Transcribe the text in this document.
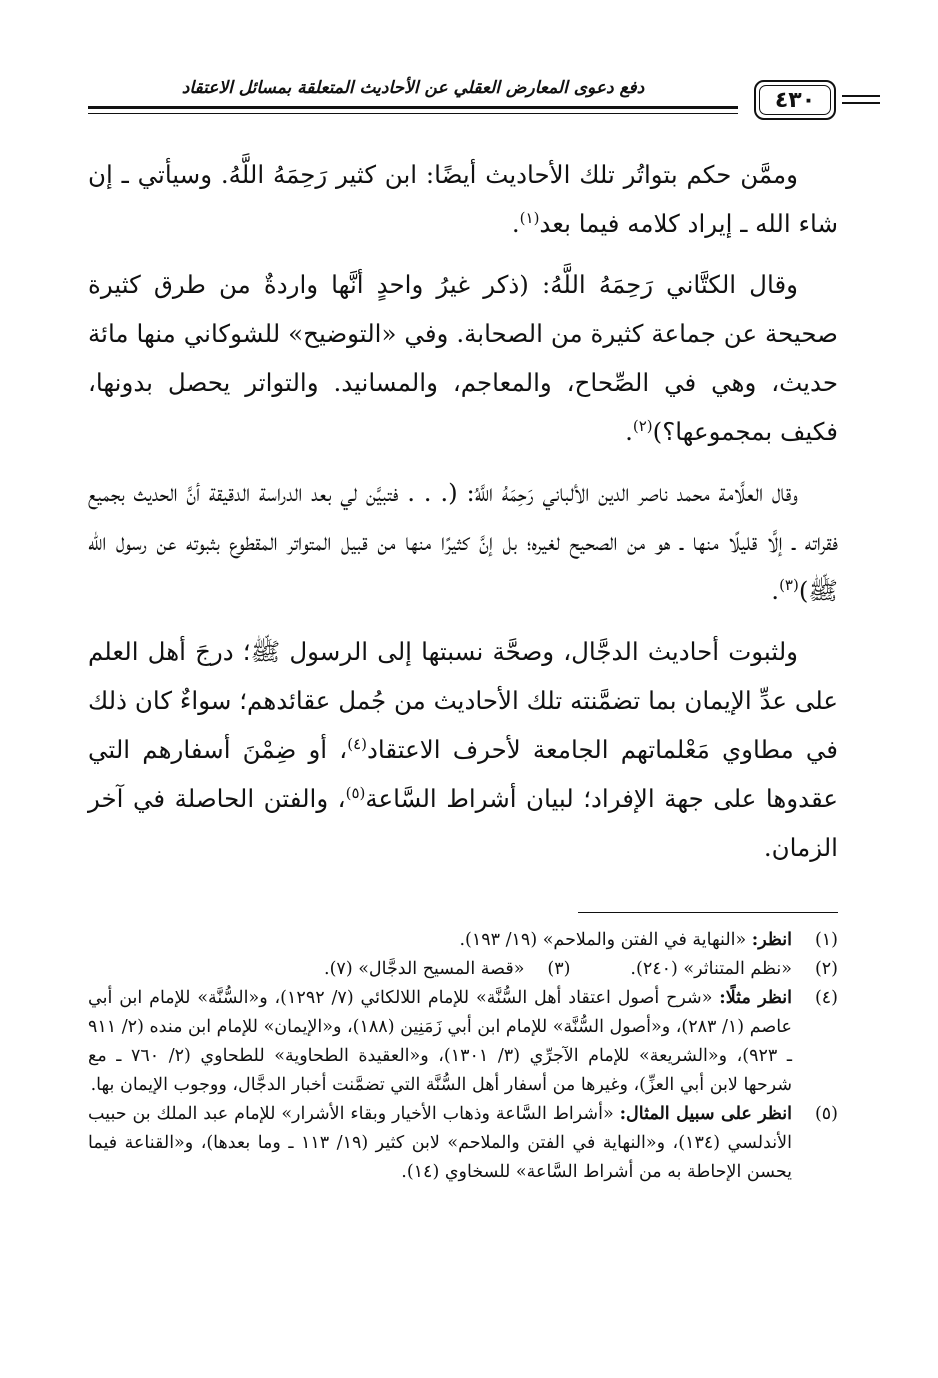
٤٣٠
دفع دعوى المعارض العقلي عن الأحاديث المتعلقة بمسائل الاعتقاد

وممَّن حكم بتواتُر تلك الأحاديث أيضًا: ابن كثير رَحِمَهُ اللَّهُ. وسيأتي ـ إن شاء الله ـ إيراد كلامه فيما بعد$^{(١)}$.

وقال الكتَّاني رَحِمَهُ اللَّهُ: (ذكر غيرُ واحدٍ أنَّها واردةٌ من طرق كثيرة صحيحة عن جماعة كثيرة من الصحابة. وفي «التوضيح» للشوكاني منها مائة حديث، وهي في الصِّحاح، والمعاجم، والمسانيد. والتواتر يحصل بدونها، فكيف بمجموعها؟)$^{(٢)}$.

وقال العلَّامة محمد ناصر الدين الألباني رَحِمَهُ اللَّهُ: (. . . فتبيَّن لي بعد الدراسة الدقيقة أنَّ الحديث بجميع فقراته ـ إلَّا قليلًا منها ـ هو من الصحيح لغيره؛ بل إنَّ كثيرًا منها من قبيل المتواتر المقطوع بثبوته عن رسول الله ﷺ)$^{(٣)}$.

ولثبوت أحاديث الدجَّال، وصحَّة نسبتها إلى الرسول ﷺ؛ درجَ أهل العلم على عدِّ الإيمان بما تضمَّنته تلك الأحاديث من جُمل عقائدهم؛ سواءٌ كان ذلك في مطاوي مَعْلماتهم الجامعة لأحرف الاعتقاد$^{(٤)}$، أو ضِمْنَ أسفارهم التي عقدوها على جهة الإفراد؛ لبيان أشراط السَّاعة$^{(٥)}$، والفتن الحاصلة في آخر الزمان.

(١)
انظر: «النهاية في الفتن والملاحم» (١٩/ ١٩٣).
(٢)
«نظم المتناثر» (٢٤٠).
(٣)
«قصة المسيح الدجَّال» (٧).
(٤)
انظر مثلًا: «شرح أصول اعتقاد أهل السُّنَّة» للإمام اللالكائي (٧/ ١٢٩٢)، و«السُّنَّة» للإمام ابن أبي عاصم (١/ ٢٨٣)، و«أصول السُّنَّة» للإمام ابن أبي زَمَنِين (١٨٨)، و«الإيمان» للإمام ابن منده (٢/ ٩١١ ـ ٩٢٣)، و«الشريعة» للإمام الآجرِّي (٣/ ١٣٠١)، و«العقيدة الطحاوية» للطحاوي (٢/ ٧٦٠ ـ مع شرحها لابن أبي العزِّ)، وغيرها من أسفار أهل السُّنَّة التي تضمَّنت أخبار الدجَّال، ووجوب الإيمان بها.
(٥)
انظر على سبيل المثال: «أشراط السَّاعة وذهاب الأخيار وبقاء الأشرار» للإمام عبد الملك بن حبيب الأندلسي (١٣٤)، و«النهاية في الفتن والملاحم» لابن كثير (١٩/ ١١٣ ـ وما بعدها)، و«القناعة فيما يحسن الإحاطة به من أشراط السَّاعة» للسخاوي (١٤).
